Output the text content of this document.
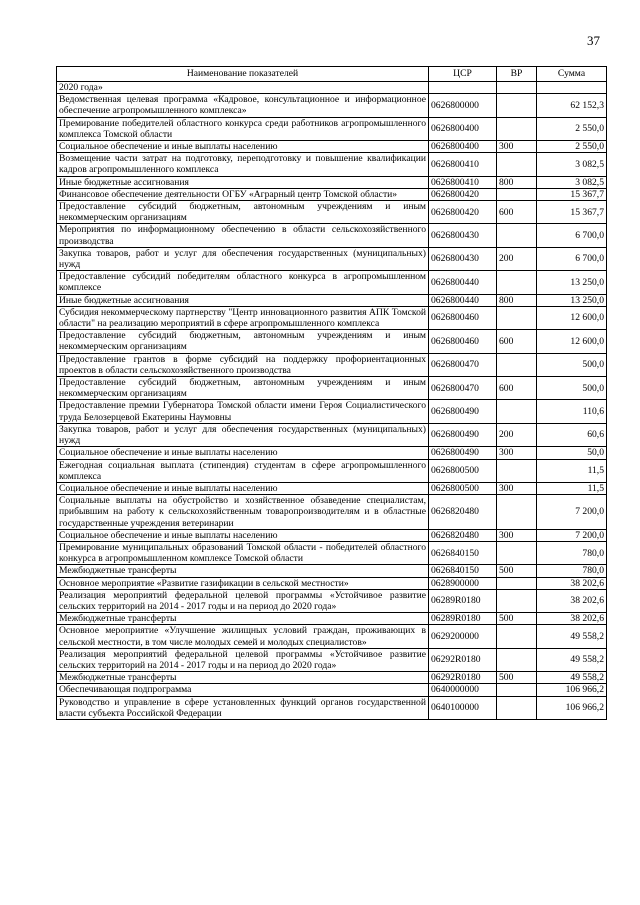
37
Наименование показателей	ЦСР	ВР	Сумма
2020 года»			
Ведомственная целевая программа «Кадровое, консультационное и информационное обеспечение агропромышленного комплекса»	0626800000		62 152,3
Премирование победителей областного конкурса среди работников агропромышленного комплекса Томской области	0626800400		2 550,0
Социальное обеспечение и иные выплаты населению	0626800400	300	2 550,0
Возмещение части затрат на подготовку, переподготовку и повышение квалификации кадров агропромышленного комплекса	0626800410		3 082,5
Иные бюджетные ассигнования	0626800410	800	3 082,5
Финансовое обеспечение деятельности ОГБУ «Аграрный центр Томской области»	0626800420		15 367,7
Предоставление субсидий бюджетным, автономным учреждениям и иным некоммерческим организациям	0626800420	600	15 367,7
Мероприятия по информационному обеспечению в области сельскохозяйственного производства	0626800430		6 700,0
Закупка товаров, работ и услуг для обеспечения государственных (муниципальных) нужд	0626800430	200	6 700,0
Предоставление субсидий победителям областного конкурса в агропромышленном комплексе	0626800440		13 250,0
Иные бюджетные ассигнования	0626800440	800	13 250,0
Субсидия некоммерческому партнерству "Центр инновационного развития АПК Томской области" на реализацию мероприятий в сфере агропромышленного комплекса	0626800460		12 600,0
Предоставление субсидий бюджетным, автономным учреждениям и иным некоммерческим организациям	0626800460	600	12 600,0
Предоставление грантов в форме субсидий на поддержку профориентационных проектов в области сельскохозяйственного производства	0626800470		500,0
Предоставление субсидий бюджетным, автономным учреждениям и иным некоммерческим организациям	0626800470	600	500,0
Предоставление премии Губернатора Томской области имени Героя Социалистического труда Белозерцевой Екатерины Наумовны	0626800490		110,6
Закупка товаров, работ и услуг для обеспечения государственных (муниципальных) нужд	0626800490	200	60,6
Социальное обеспечение и иные выплаты населению	0626800490	300	50,0
Ежегодная социальная выплата (стипендия) студентам в сфере агропромышленного комплекса	0626800500		11,5
Социальное обеспечение и иные выплаты населению	0626800500	300	11,5
Социальные выплаты на обустройство и хозяйственное обзаведение специалистам, прибывшим на работу к сельскохозяйственным товаропроизводителям и в областные государственные учреждения ветеринарии	0626820480		7 200,0
Социальное обеспечение и иные выплаты населению	0626820480	300	7 200,0
Премирование муниципальных образований Томской области - победителей областного конкурса в агропромышленном комплексе Томской области	0626840150		780,0
Межбюджетные трансферты	0626840150	500	780,0
Основное мероприятие «Развитие газификации в сельской местности»	0628900000		38 202,6
Реализация мероприятий федеральной целевой программы «Устойчивое развитие сельских территорий на 2014 - 2017 годы и на период до 2020 года»	06289R0180		38 202,6
Межбюджетные трансферты	06289R0180	500	38 202,6
Основное мероприятие «Улучшение жилищных условий граждан, проживающих в сельской местности, в том числе молодых семей и молодых специалистов»	0629200000		49 558,2
Реализация мероприятий федеральной целевой программы «Устойчивое развитие сельских территорий на 2014 - 2017 годы и на период до 2020 года»	06292R0180		49 558,2
Межбюджетные трансферты	06292R0180	500	49 558,2
Обеспечивающая подпрограмма	0640000000		106 966,2
Руководство и управление в сфере установленных функций органов государственной власти субъекта Российской Федерации	0640100000		106 966,2
